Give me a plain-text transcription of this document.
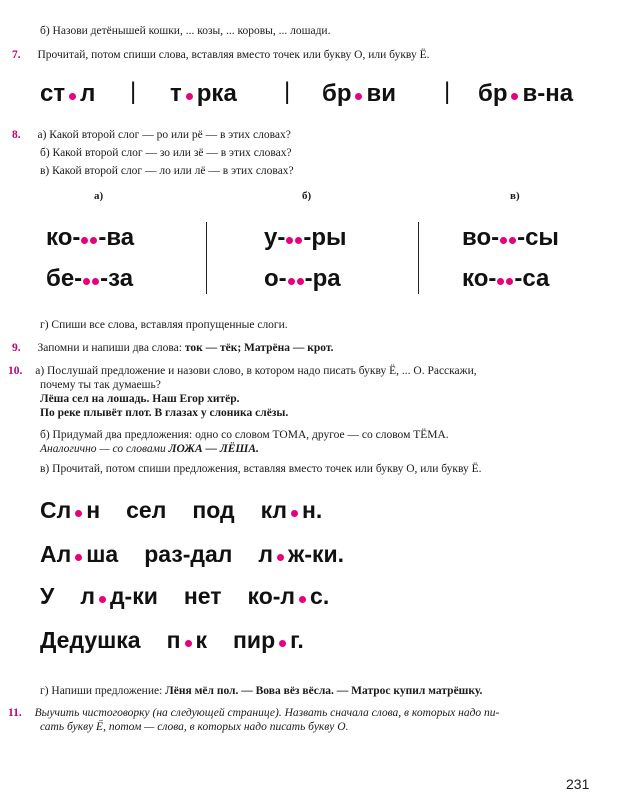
б) Назови детёнышей кошки, ... козы, ... коровы, ... лошади.
7. Прочитай, потом спиши слова, вставляя вместо точек или букву О, или букву Ё.
ст л | т рка | бр ви | бр в-на
8. а) Какой второй слог — ро или рё — в этих словах?
б) Какой второй слог — зо или зё — в этих словах?
в) Какой второй слог — ло или лё — в этих словах?
а)	б)	в)
ко- -ва	у- -ры	во- -сы
бе- -за	о- -ра	ко- -са
г) Спиши все слова, вставляя пропущенные слоги.
9. Запомни и напиши два слова: ток — тёк; Матрёна — крот.
10. а) Послушай предложение и назови слово, в котором надо писать букву Ё, ... О. Расскажи,
почему ты так думаешь?
Лёша сел на лошадь. Наш Егор хитёр.
По реке плывёт плот. В глазах у слоника слёзы.
б) Придумай два предложения: одно со словом ТОМА, другое — со словом ТЁМА.
Аналогично — со словами ЛОЖА — ЛЁША.
в) Прочитай, потом спиши предложения, вставляя вместо точек или букву О, или букву Ё.
Сл н сел под кл н.
Ал ша раз-дал л ж-ки.
У л д-ки нет ко-л с.
Дедушка п к пир г.
г) Напиши предложение: Лёня мёл пол. — Вова вёз вёсла. — Матрос купил матрёшку.
11. Выучить чистоговорку (на следующей странице). Назвать сначала слова, в которых надо пи-
сать букву Ё, потом — слова, в которых надо писать букву О.
231
